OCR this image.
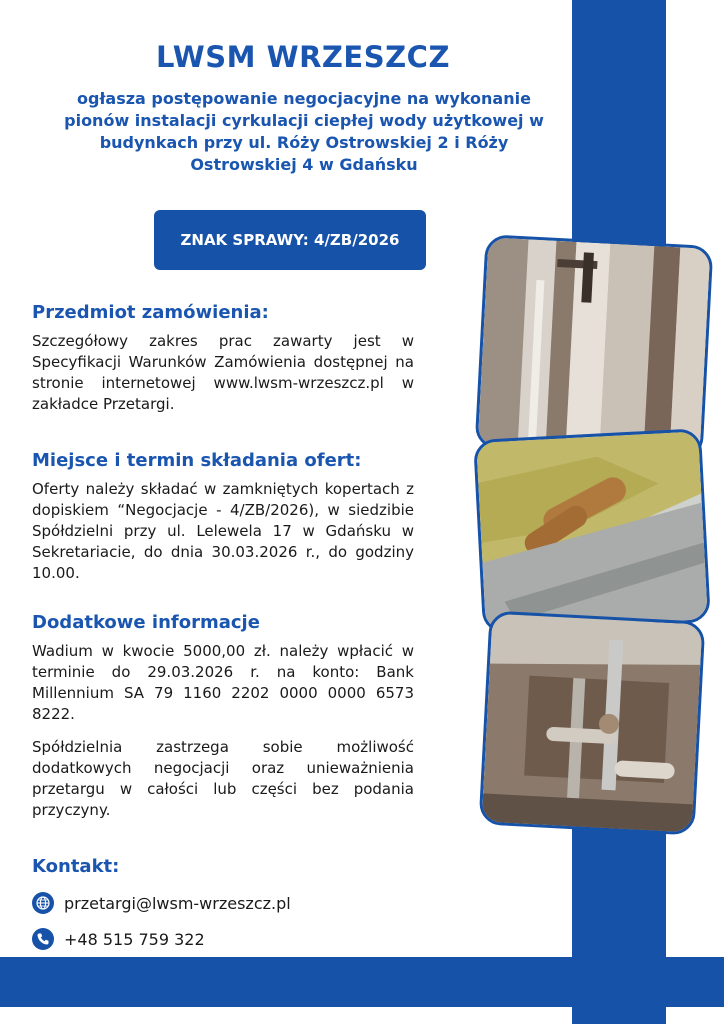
LWSM WRZESZCZ
ogłasza postępowanie negocjacyjne na wykonanie pionów instalacji cyrkulacji ciepłej wody użytkowej w budynkach przy ul. Róży Ostrowskiej 2 i Róży Ostrowskiej 4 w Gdańsku
ZNAK SPRAWY: 4/ZB/2026
Przedmiot zamówienia:

Szczegółowy zakres prac zawarty jest w Specyfikacji Warunków Zamówienia dostępnej na stronie internetowej www.lwsm-wrzeszcz.pl w zakładce Przetargi.

Miejsce i termin składania ofert:

Oferty należy składać w zamkniętych kopertach z dopiskiem “Negocjacje - 4/ZB/2026), w siedzibie Spółdzielni przy ul. Lelewela 17 w Gdańsku w Sekretariacie, do dnia 30.03.2026 r., do godziny 10.00.

Dodatkowe informacje

Wadium w kwocie 5000,00 zł. należy wpłacić w terminie do 29.03.2026 r. na konto: Bank Millennium SA 79 1160 2202 0000 0000 6573 8222.

Spółdzielnia zastrzega sobie możliwość dodatkowych negocjacji oraz unieważnienia przetargu w całości lub części bez podania przyczyny.

Kontakt:
przetargi@lwsm-wrzeszcz.pl
+48 515 759 322
